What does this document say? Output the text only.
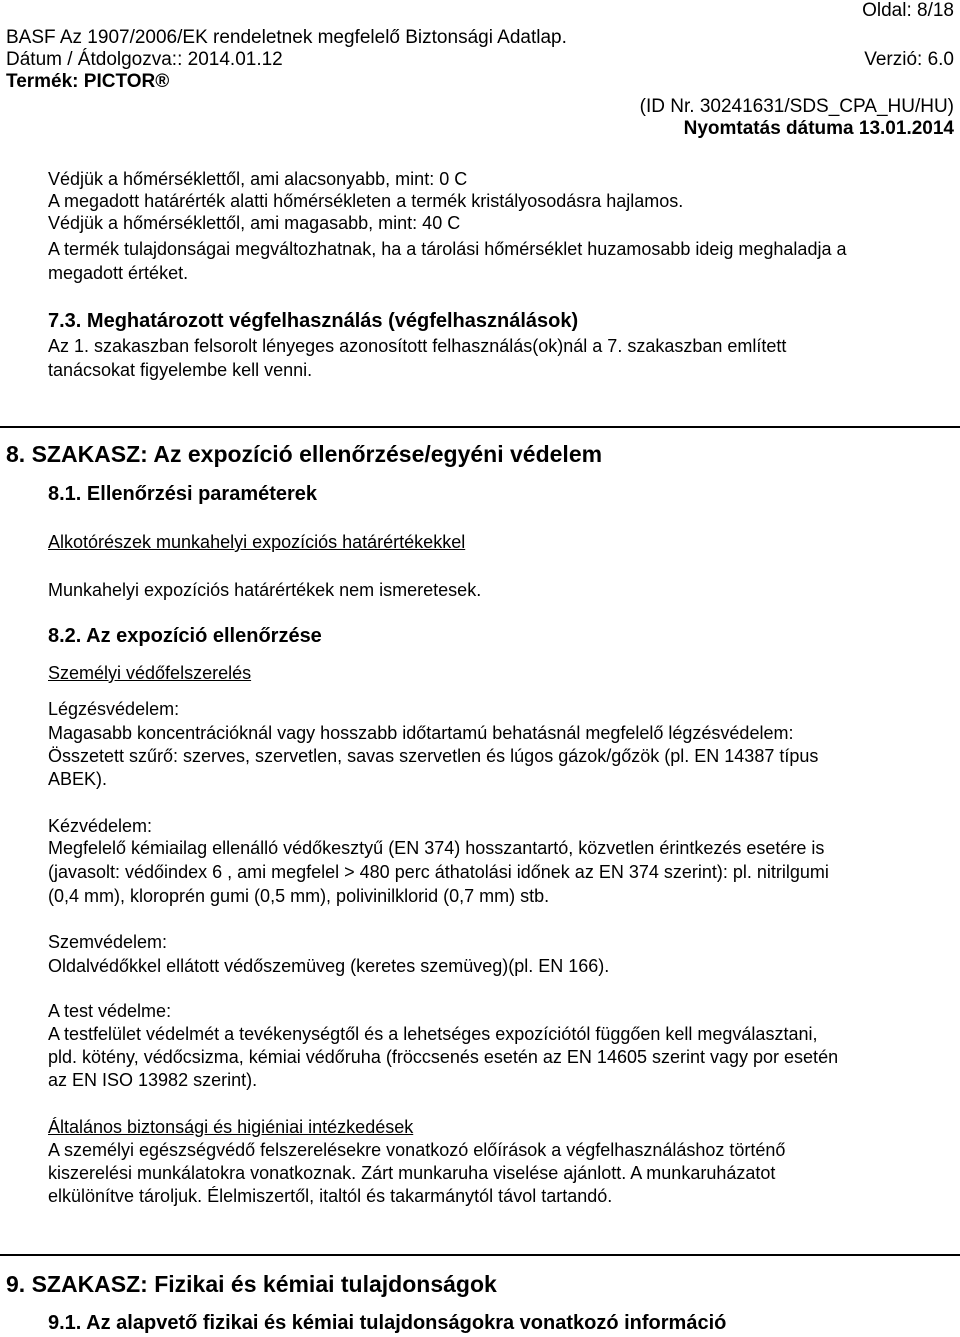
Oldal: 8/18
BASF Az 1907/2006/EK rendeletnek megfelelő Biztonsági Adatlap.
Dátum / Átdolgozva:: 2014.01.12	Verzió: 6.0
Termék: PICTOR®
(ID Nr. 30241631/SDS_CPA_HU/HU)
Nyomtatás dátuma 13.01.2014
Védjük a hőmérséklettől, ami alacsonyabb, mint: 0 C
A megadott határérték alatti hőmérsékleten a termék kristályosodásra hajlamos.
Védjük a hőmérséklettől, ami magasabb, mint: 40 C
A termék tulajdonságai megváltozhatnak, ha a tárolási hőmérséklet huzamosabb ideig meghaladja a
megadott értéket.
7.3. Meghatározott végfelhasználás (végfelhasználások)
Az 1. szakaszban felsorolt lényeges azonosított felhasználás(ok)nál a 7. szakaszban említett
tanácsokat figyelembe kell venni.
8. SZAKASZ: Az expozíció ellenőrzése/egyéni védelem
8.1. Ellenőrzési paraméterek
Alkotórészek munkahelyi expozíciós határértékekkel
Munkahelyi expozíciós határértékek nem ismeretesek.
8.2. Az expozíció ellenőrzése
Személyi védőfelszerelés
Légzésvédelem:
Magasabb koncentrációknál vagy hosszabb időtartamú behatásnál megfelelő légzésvédelem:
Összetett szűrő: szerves, szervetlen, savas szervetlen és lúgos gázok/gőzök (pl. EN 14387 típus
ABEK).
Kézvédelem:
Megfelelő kémiailag ellenálló védőkesztyű (EN 374) hosszantartó, közvetlen érintkezés esetére is
(javasolt: védőindex 6 , ami megfelel > 480 perc áthatolási időnek az EN 374 szerint): pl. nitrilgumi
(0,4 mm), kloroprén gumi (0,5 mm), polivinilklorid (0,7 mm) stb.
Szemvédelem:
Oldalvédőkkel ellátott védőszemüveg (keretes szemüveg)(pl. EN 166).
A test védelme:
A testfelület védelmét a tevékenységtől és a lehetséges expozíciótól függően kell megválasztani,
pld. kötény, védőcsizma, kémiai védőruha (fröccsenés esetén az EN 14605 szerint vagy por esetén
az EN ISO 13982 szerint).
Általános biztonsági és higiéniai intézkedések
A személyi egészségvédő felszerelésekre vonatkozó előírások a végfelhasználáshoz történő
kiszerelési munkálatokra vonatkoznak. Zárt munkaruha viselése ajánlott. A munkaruházatot
elkülönítve tároljuk. Élelmiszertől, italtól és takarmánytól távol tartandó.
9. SZAKASZ: Fizikai és kémiai tulajdonságok
9.1. Az alapvető fizikai és kémiai tulajdonságokra vonatkozó információ
